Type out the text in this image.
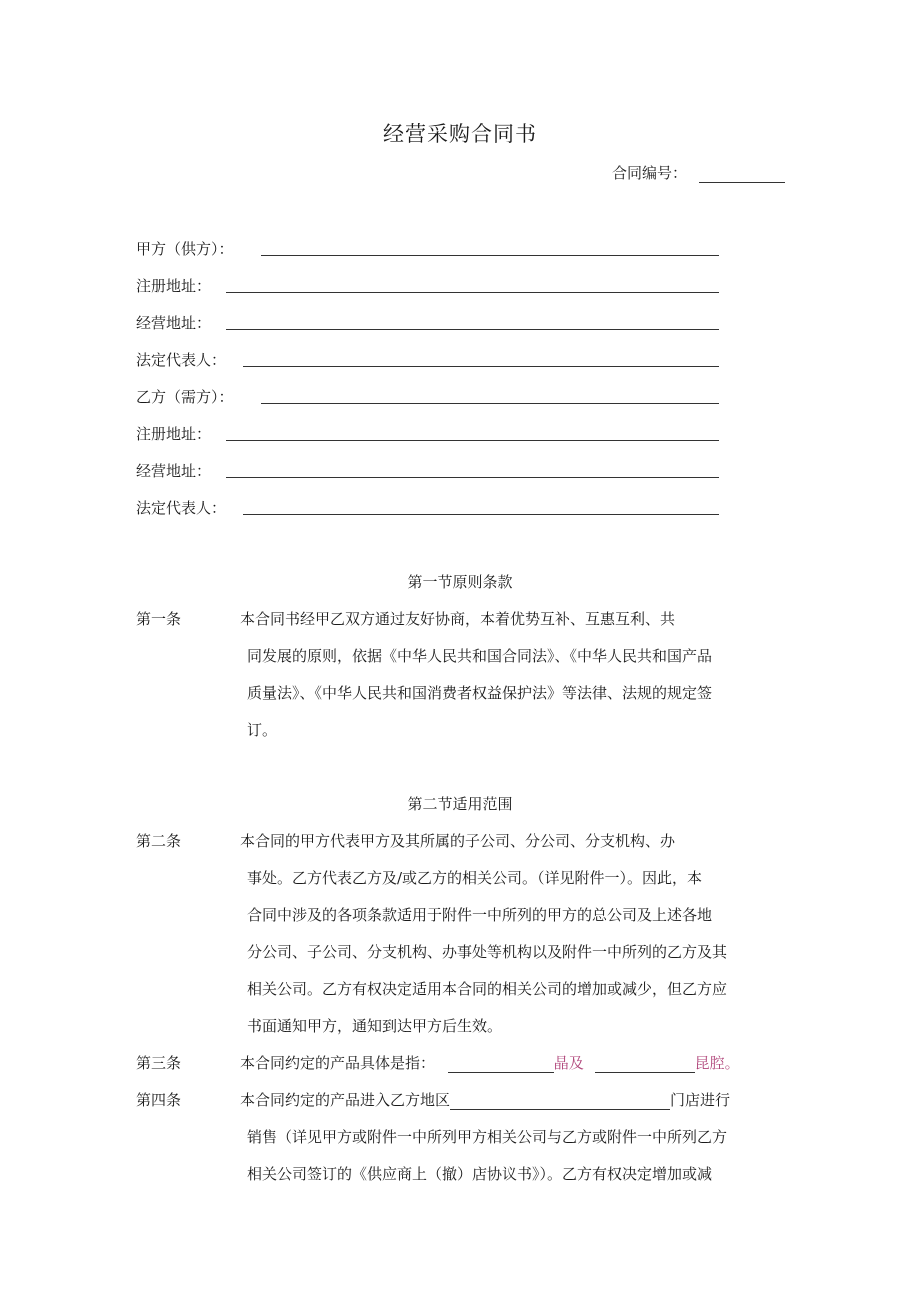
经营采购合同书
合同编号：
甲方（供方）：
注册地址：
经营地址：
法定代表人：
乙方（需方）：
注册地址：
经营地址：
法定代表人：
第一节原则条款
第一条	本合同书经甲乙双方通过友好协商，本着优势互补、互惠互利、共
同发展的原则，依据《中华人民共和国合同法》、《中华人民共和国产品
质量法》、《中华人民共和国消费者权益保护法》等法律、法规的规定签
订。
第二节适用范围
第二条	本合同的甲方代表甲方及其所属的子公司、分公司、分支机构、办
事处。乙方代表乙方及/或乙方的相关公司。（详见附件一）。因此，本
合同中涉及的各项条款适用于附件一中所列的甲方的总公司及上述各地
分公司、子公司、分支机构、办事处等机构以及附件一中所列的乙方及其
相关公司。乙方有权决定适用本合同的相关公司的增加或减少，但乙方应
书面通知甲方，通知到达甲方后生效。
第三条	本合同约定的产品具体是指：	晶及	昆腔。
第四条	本合同约定的产品进入乙方地区	门店进行
销售（详见甲方或附件一中所列甲方相关公司与乙方或附件一中所列乙方
相关公司签订的《供应商上（撤）店协议书》）。乙方有权决定增加或减
